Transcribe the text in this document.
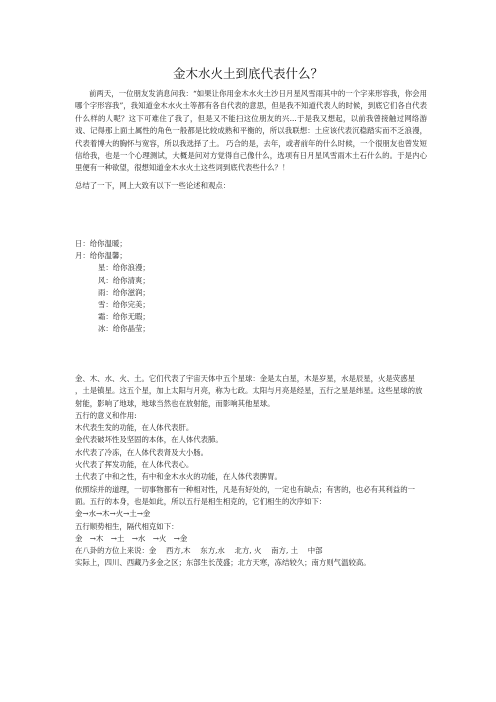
金木水火土到底代表什么？
前两天，一位朋友发消息问我：“如果让你用金木水火土沙日月星风雪雨其中的一个字来形容我，你会用哪个字形容我”，我知道金木水火土等都有各自代表的意思，但是我不知道代表人的时候，到底它们各自代表什么样的人呢？这下可难住了我了，但是又不能扫这位朋友的兴...于是我又想起，以前我曾接触过网络游戏、记得那上面土属性的角色一般都是比较成熟和平衡的，所以我联想：土应该代表沉稳踏实而不乏浪漫，代表着博大的胸怀与宽容，所以我选择了土。 巧合的是，去年，或者前年的什么时候，一个很朋友也曾发短信给我，也是一个心理测试，大概是问对方觉得自己像什么，选项有日月星风雪雨木土石什么的。于是内心里便有一种欲望，很想知道金木水火土这些词到底代表些什么？！
总结了一下，网上大致有以下一些论述和观点：
日：给你温暖；
月：给你温馨；
星：给你浪漫；
风：给你清爽；
雨：给你滋润；
雪：给你完美；
霜：给你无暇；
冰：给你晶莹；
金、木、水、火、土。它们代表了宇宙天体中五个星球：金是太白星，木是岁星，水是辰星，火是荧惑星
，土是镇星。这五个星，加上太阳与月亮，称为七政。太阳与月亮是经星，五行之星是纬星。这些星球的放射能，影响了地球，地球当然也在放射能，而影响其他星球。
五行的意义和作用:
木代表生发的功能，在人体代表肝。
金代表破坏性及坚固的本体，在人体代表肺。
水代表了冷冻，在人体代表肾及大小肠。
火代表了挥发功能，在人体代表心。
土代表了中和之性，有中和金木水火的功能，在人体代表脾胃。
依照综并的道理，一切事物都有一种相对性，凡是有好处的，一定也有缺点；有害的，也必有其利益的一
面。五行的本身，也是如此，所以五行是相生相克的，它们相生的次序如下：
金→水→木→火→土→金
五行顺势相生，隔代相克如下：
金　→木　→土　→水　→火　→金
在八卦的方位上来说：金　 西方,木　 东方,水　 北方, 火　 南方, 土　 中部
实际上，四川、西藏乃多金之区；东部生长茂盛；北方天寒，冻结较久；南方则气温较高。
